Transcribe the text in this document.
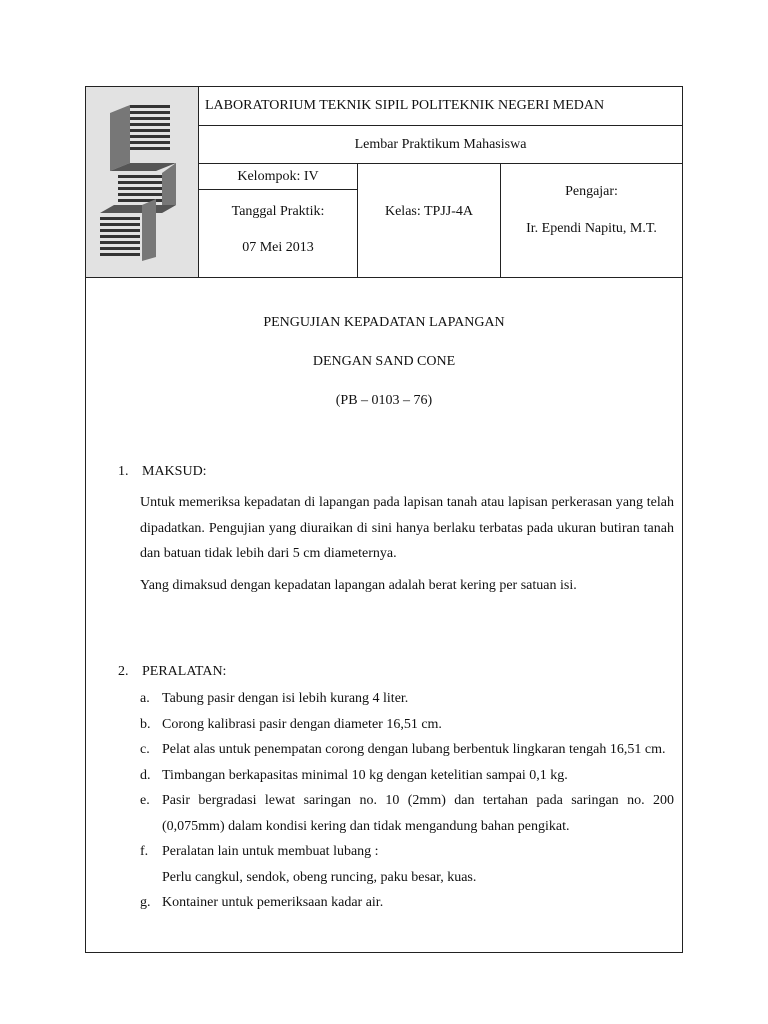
LABORATORIUM TEKNIK SIPIL POLITEKNIK NEGERI MEDAN
Lembar Praktikum Mahasiswa
Kelompok: IV
Tanggal Praktik:
07 Mei 2013
Kelas: TPJJ-4A
Pengajar:
Ir. Ependi Napitu, M.T.
PENGUJIAN KEPADATAN LAPANGAN
DENGAN SAND CONE
(PB – 0103 – 76)
1. MAKSUD:
Untuk memeriksa kepadatan di lapangan pada lapisan tanah atau lapisan perkerasan yang telah dipadatkan. Pengujian yang diuraikan di sini hanya berlaku terbatas pada ukuran butiran tanah dan batuan tidak lebih dari 5 cm diameternya.
Yang dimaksud dengan kepadatan lapangan adalah berat kering per satuan isi.
2. PERALATAN:
a. Tabung pasir dengan isi lebih kurang 4 liter.
b. Corong kalibrasi pasir dengan diameter 16,51 cm.
c. Pelat alas untuk penempatan corong dengan lubang berbentuk lingkaran tengah 16,51 cm.
d. Timbangan berkapasitas minimal 10 kg dengan ketelitian sampai 0,1 kg.
e. Pasir bergradasi lewat saringan no. 10 (2mm) dan tertahan pada saringan no. 200 (0,075mm) dalam kondisi kering dan tidak mengandung bahan pengikat.
f. Peralatan lain untuk membuat lubang :
Perlu cangkul, sendok, obeng runcing, paku besar, kuas.
g. Kontainer untuk pemeriksaan kadar air.
